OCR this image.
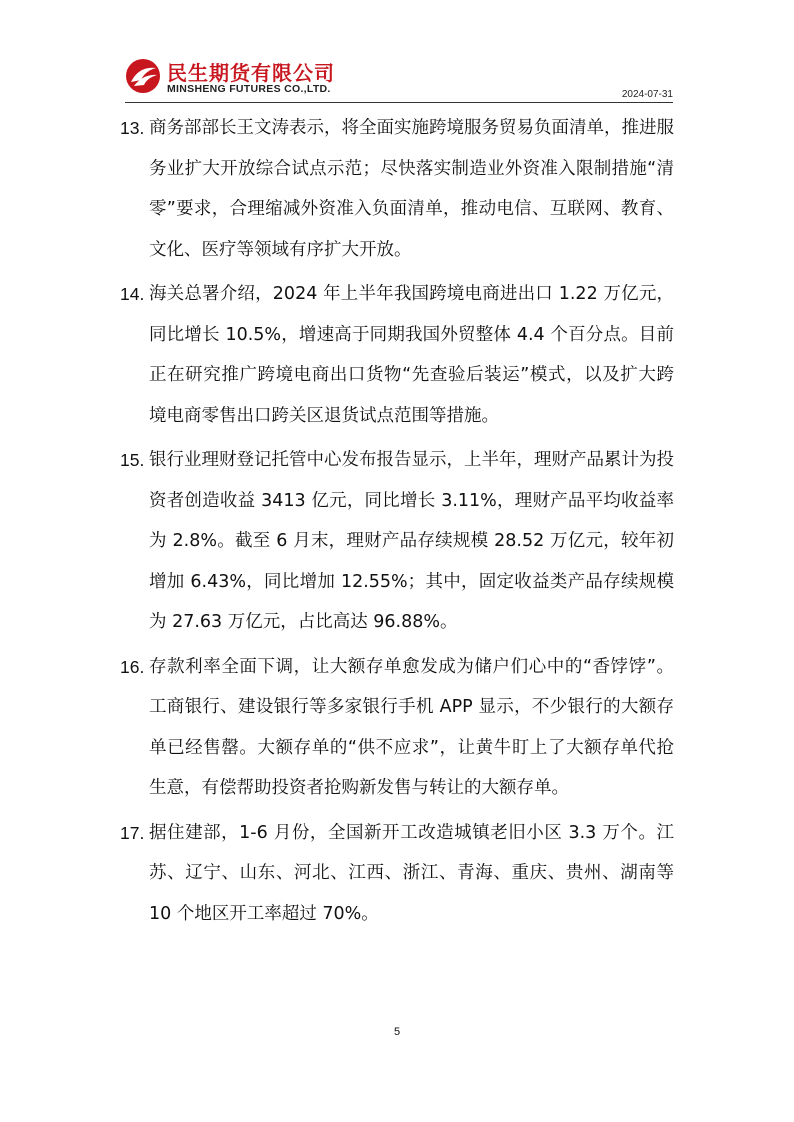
民生期货有限公司
MINSHENG FUTURES CO.,LTD.	2024-07-31
13. 商务部部长王文涛表示，将全面实施跨境服务贸易负面清单，推进服务业扩大开放综合试点示范；尽快落实制造业外资准入限制措施“清零”要求，合理缩减外资准入负面清单，推动电信、互联网、教育、文化、医疗等领域有序扩大开放。
14. 海关总署介绍，2024 年上半年我国跨境电商进出口 1.22 万亿元，同比增长 10.5%，增速高于同期我国外贸整体 4.4 个百分点。目前正在研究推广跨境电商出口货物“先查验后装运”模式，以及扩大跨境电商零售出口跨关区退货试点范围等措施。
15. 银行业理财登记托管中心发布报告显示，上半年，理财产品累计为投资者创造收益 3413 亿元，同比增长 3.11%，理财产品平均收益率为 2.8%。截至 6 月末，理财产品存续规模 28.52 万亿元，较年初增加 6.43%，同比增加 12.55%；其中，固定收益类产品存续规模为 27.63 万亿元，占比高达 96.88%。
16. 存款利率全面下调，让大额存单愈发成为储户们心中的“香饽饽”。工商银行、建设银行等多家银行手机 APP 显示，不少银行的大额存单已经售罄。大额存单的“供不应求”，让黄牛盯上了大额存单代抢生意，有偿帮助投资者抢购新发售与转让的大额存单。
17. 据住建部，1-6 月份，全国新开工改造城镇老旧小区 3.3 万个。江苏、辽宁、山东、河北、江西、浙江、青海、重庆、贵州、湖南等 10 个地区开工率超过 70%。
5
